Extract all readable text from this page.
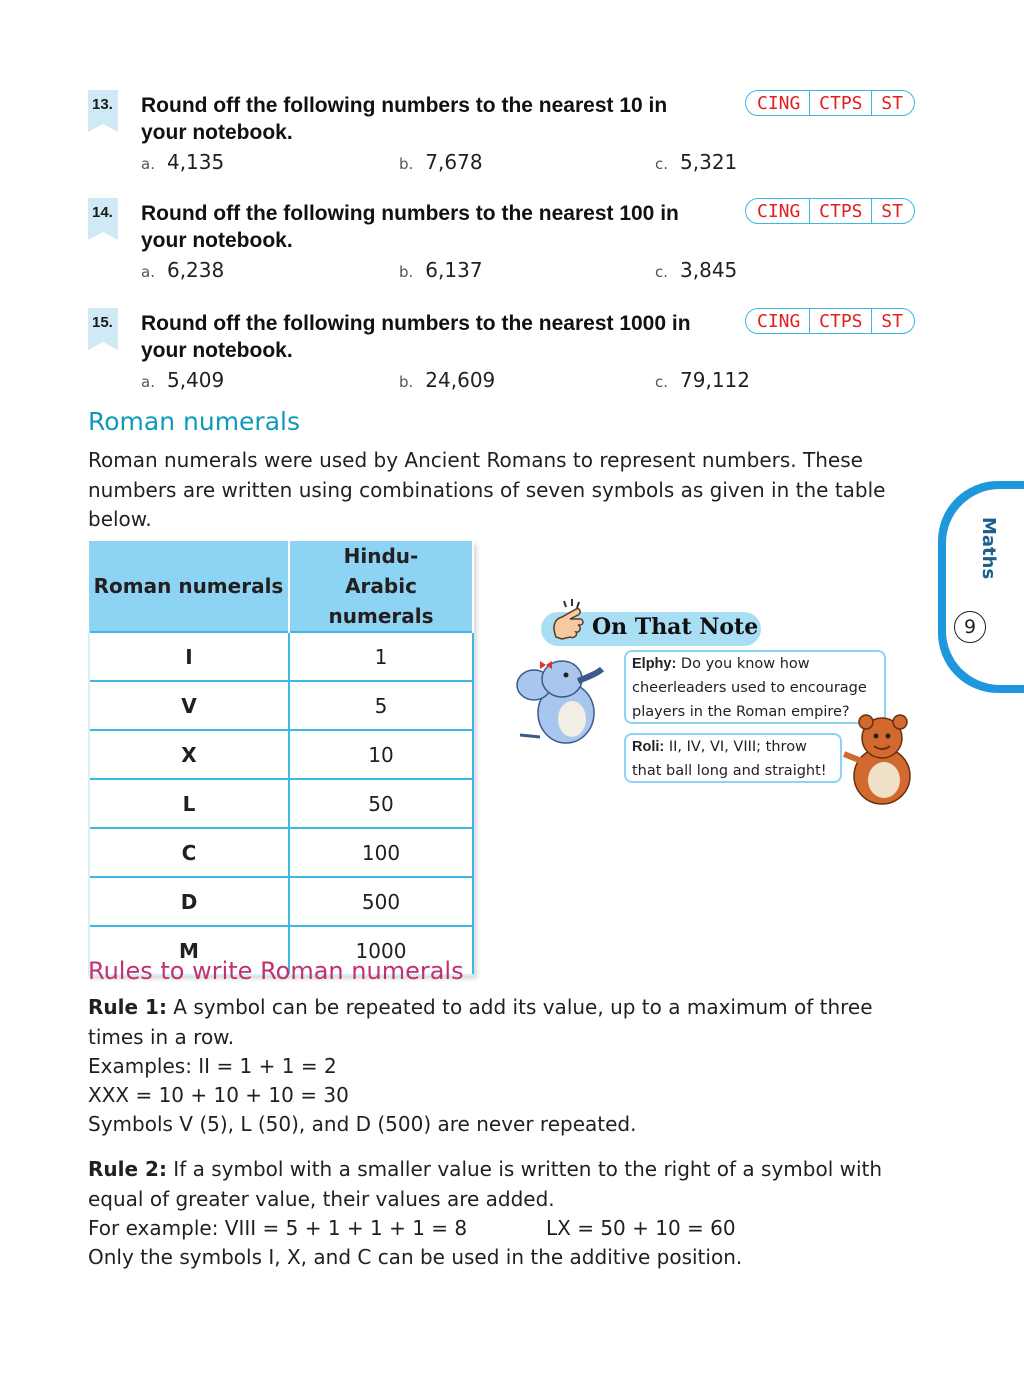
13. Round off the following numbers to the nearest 10 in your notebook.
CING CTPS ST
a. 4,135	b. 7,678	c. 5,321
14. Round off the following numbers to the nearest 100 in your notebook.
CING CTPS ST
a. 6,238	b. 6,137	c. 3,845
15. Round off the following numbers to the nearest 1000 in your notebook.
CING CTPS ST
a. 5,409	b. 24,609	c. 79,112
Roman numerals
Roman numerals were used by Ancient Romans to represent numbers. These numbers are written using combinations of seven symbols as given in the table below.
Roman numerals	Hindu-Arabic numerals
I	1
V	5
X	10
L	50
C	100
D	500
M	1000
Maths
9
On That Note
Elphy: Do you know how cheerleaders used to encourage players in the Roman empire?
Roli: II, IV, VI, VIII; throw that ball long and straight!
Rules to write Roman numerals
Rule 1: A symbol can be repeated to add its value, up to a maximum of three times in a row.
Examples: II = 1 + 1 = 2
XXX = 10 + 10 + 10 = 30
Symbols V (5), L (50), and D (500) are never repeated.
Rule 2: If a symbol with a smaller value is written to the right of a symbol with equal of greater value, their values are added.
For example: VIII = 5 + 1 + 1 + 1 = 8	LX = 50 + 10 = 60
Only the symbols I, X, and C can be used in the additive position.
